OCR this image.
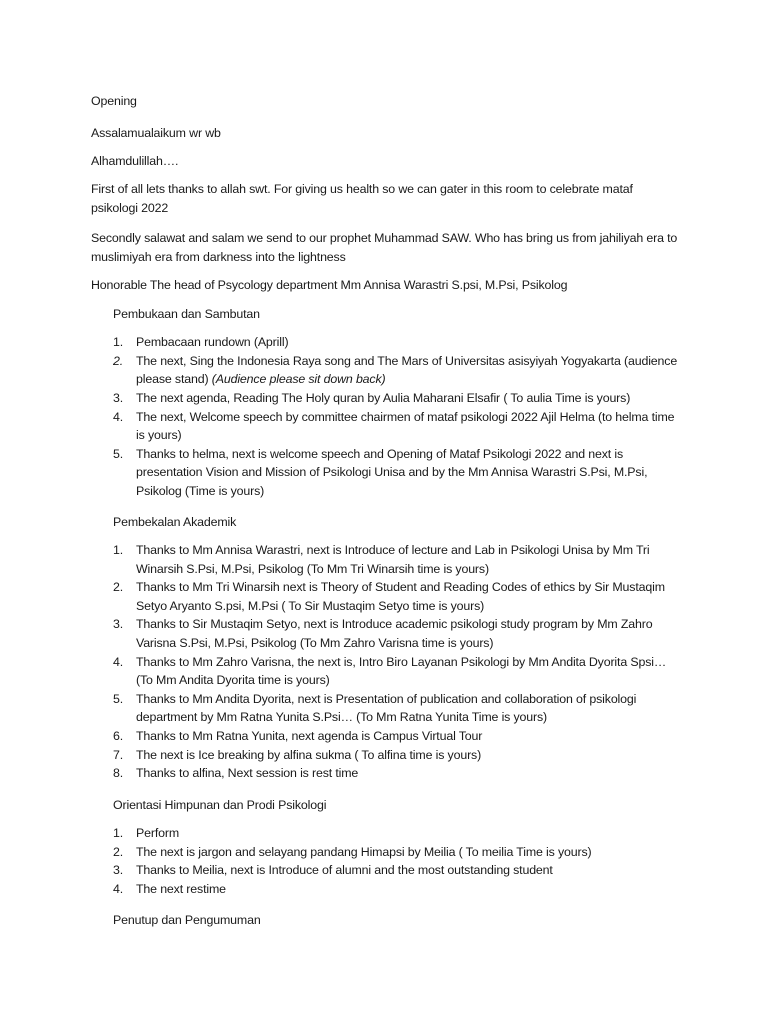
Opening
Assalamualaikum wr wb
Alhamdulillah….
First of all lets thanks to allah swt. For giving us health so we can gater in this room to celebrate mataf psikologi 2022
Secondly salawat and salam we send to our prophet Muhammad SAW. Who has bring us from jahiliyah era to muslimiyah era from darkness into the lightness
Honorable The head of Psycology department Mm Annisa Warastri S.psi, M.Psi, Psikolog
Pembukaan dan Sambutan
1. Pembacaan rundown (Aprill)
2. The next, Sing the Indonesia Raya song and The Mars of Universitas asisyiyah Yogyakarta (audience please stand) (Audience please sit down back)
3. The next agenda, Reading The Holy quran by Aulia Maharani Elsafir ( To aulia Time is yours)
4. The next, Welcome speech by committee chairmen of mataf psikologi 2022 Ajil Helma (to helma time is yours)
5. Thanks to helma, next is welcome speech and Opening of Mataf Psikologi 2022 and next is presentation Vision and Mission of Psikologi Unisa and by the Mm Annisa Warastri S.Psi, M.Psi, Psikolog (Time is yours)
Pembekalan Akademik
1. Thanks to Mm Annisa Warastri, next is Introduce of lecture and Lab in Psikologi Unisa by Mm Tri Winarsih S.Psi, M.Psi, Psikolog (To Mm Tri Winarsih time is yours)
2. Thanks to Mm Tri Winarsih next is Theory of Student and Reading Codes of ethics by Sir Mustaqim Setyo Aryanto S.psi, M.Psi ( To Sir Mustaqim Setyo time is yours)
3. Thanks to Sir Mustaqim Setyo, next is Introduce academic psikologi study program by Mm Zahro Varisna S.Psi, M.Psi, Psikolog (To Mm Zahro Varisna time is yours)
4. Thanks to Mm Zahro Varisna, the next is, Intro Biro Layanan Psikologi by Mm Andita Dyorita Spsi… (To Mm Andita Dyorita time is yours)
5. Thanks to Mm Andita Dyorita, next is Presentation of publication and collaboration of psikologi department by Mm Ratna Yunita S.Psi… (To Mm Ratna Yunita Time is yours)
6. Thanks to Mm Ratna Yunita, next agenda is Campus Virtual Tour
7. The next is Ice breaking by alfina sukma ( To alfina time is yours)
8. Thanks to alfina, Next session is rest time
Orientasi Himpunan dan Prodi Psikologi
1. Perform
2. The next is jargon and selayang pandang Himapsi by Meilia ( To meilia Time is yours)
3. Thanks to Meilia, next is Introduce of alumni and the most outstanding student
4. The next restime
Penutup dan Pengumuman
